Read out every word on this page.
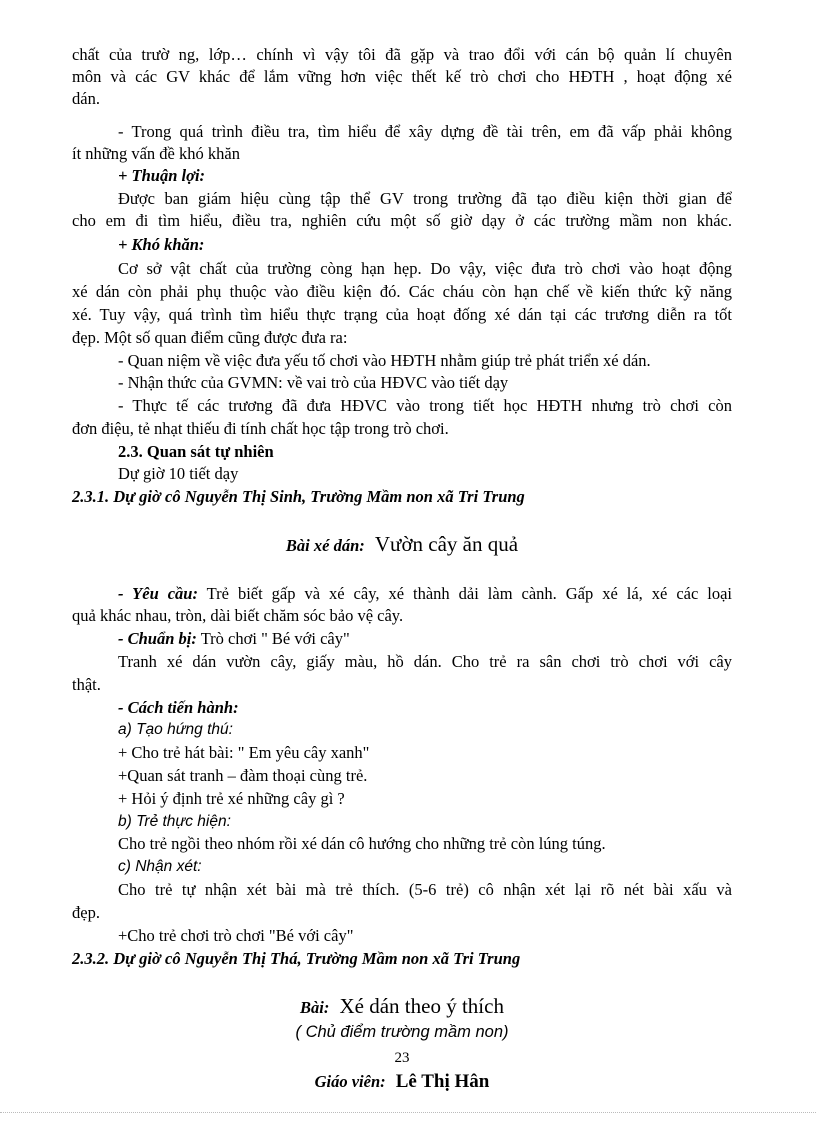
chất của trườ ng, lớp… chính vì vậy tôi đã gặp và trao đổi với cán bộ quản lí chuyên
môn và các GV khác để lắm vững hơn việc thết kế trò chơi cho HĐTH , hoạt động xé
dán.
- Trong quá trình điều tra, tìm hiểu để xây dựng đề tài trên, em đã vấp phải không
ít những vấn đề khó khăn
+ Thuận lợi:
Được ban giám hiệu cùng tập thể GV trong trường đã tạo điều kiện thời gian để
cho em đi tìm hiểu, điều tra, nghiên cứu một số giờ dạy ở các trường mầm non khác.
+ Khó khăn:
Cơ sở vật chất của trường còng hạn hẹp. Do vậy, việc đưa trò chơi vào hoạt động
xé dán còn phải phụ thuộc vào điều kiện đó. Các cháu còn hạn chế về kiến thức kỹ năng
xé. Tuy vậy, quá trình tìm hiểu thực trạng của hoạt đống xé dán tại các trương diễn ra tốt
đẹp. Một số quan điểm cũng được đưa ra:
- Quan niệm về việc đưa yếu tố chơi vào HĐTH nhằm giúp trẻ phát triển xé dán.
- Nhận thức của GVMN: về vai trò của HĐVC vào tiết dạy
- Thực tế các trương đã đưa HĐVC vào trong tiết học HĐTH nhưng trò chơi còn
đơn điệu, tẻ nhạt thiếu đi tính chất học tập trong trò chơi.
2.3. Quan sát tự nhiên
Dự giờ 10 tiết dạy
2.3.1. Dự giờ cô Nguyễn Thị Sinh, Trường Mầm non xã Tri Trung
Bài xé dán: Vườn cây ăn quả
- Yêu cầu: Trẻ biết gấp và xé cây, xé thành dải làm cành. Gấp xé lá, xé các loại
quả khác nhau, tròn, dài biết chăm sóc bảo vệ cây.
- Chuẩn bị: Trò chơi " Bé với cây"
Tranh xé dán vườn cây, giấy màu, hồ dán. Cho trẻ ra sân chơi trò chơi với cây
thật.
- Cách tiến hành:
a) Tạo hứng thú:
+ Cho trẻ hát bài: " Em yêu cây xanh"
+Quan sát tranh – đàm thoại cùng trẻ.
+ Hỏi ý định trẻ xé những cây gì ?
b) Trẻ thực hiện:
Cho trẻ ngồi theo nhóm rồi xé dán cô hướng cho những trẻ còn lúng túng.
c) Nhận xét:
Cho trẻ tự nhận xét bài mà trẻ thích. (5-6 trẻ) cô nhận xét lại rõ nét bài xấu và
đẹp.
+Cho trẻ chơi trò chơi "Bé với cây"
2.3.2. Dự giờ cô Nguyễn Thị Thá, Trường Mầm non xã Tri Trung
Bài: Xé dán theo ý thích
( Chủ điểm trường mầm non)
23
Giáo viên: Lê Thị Hân
